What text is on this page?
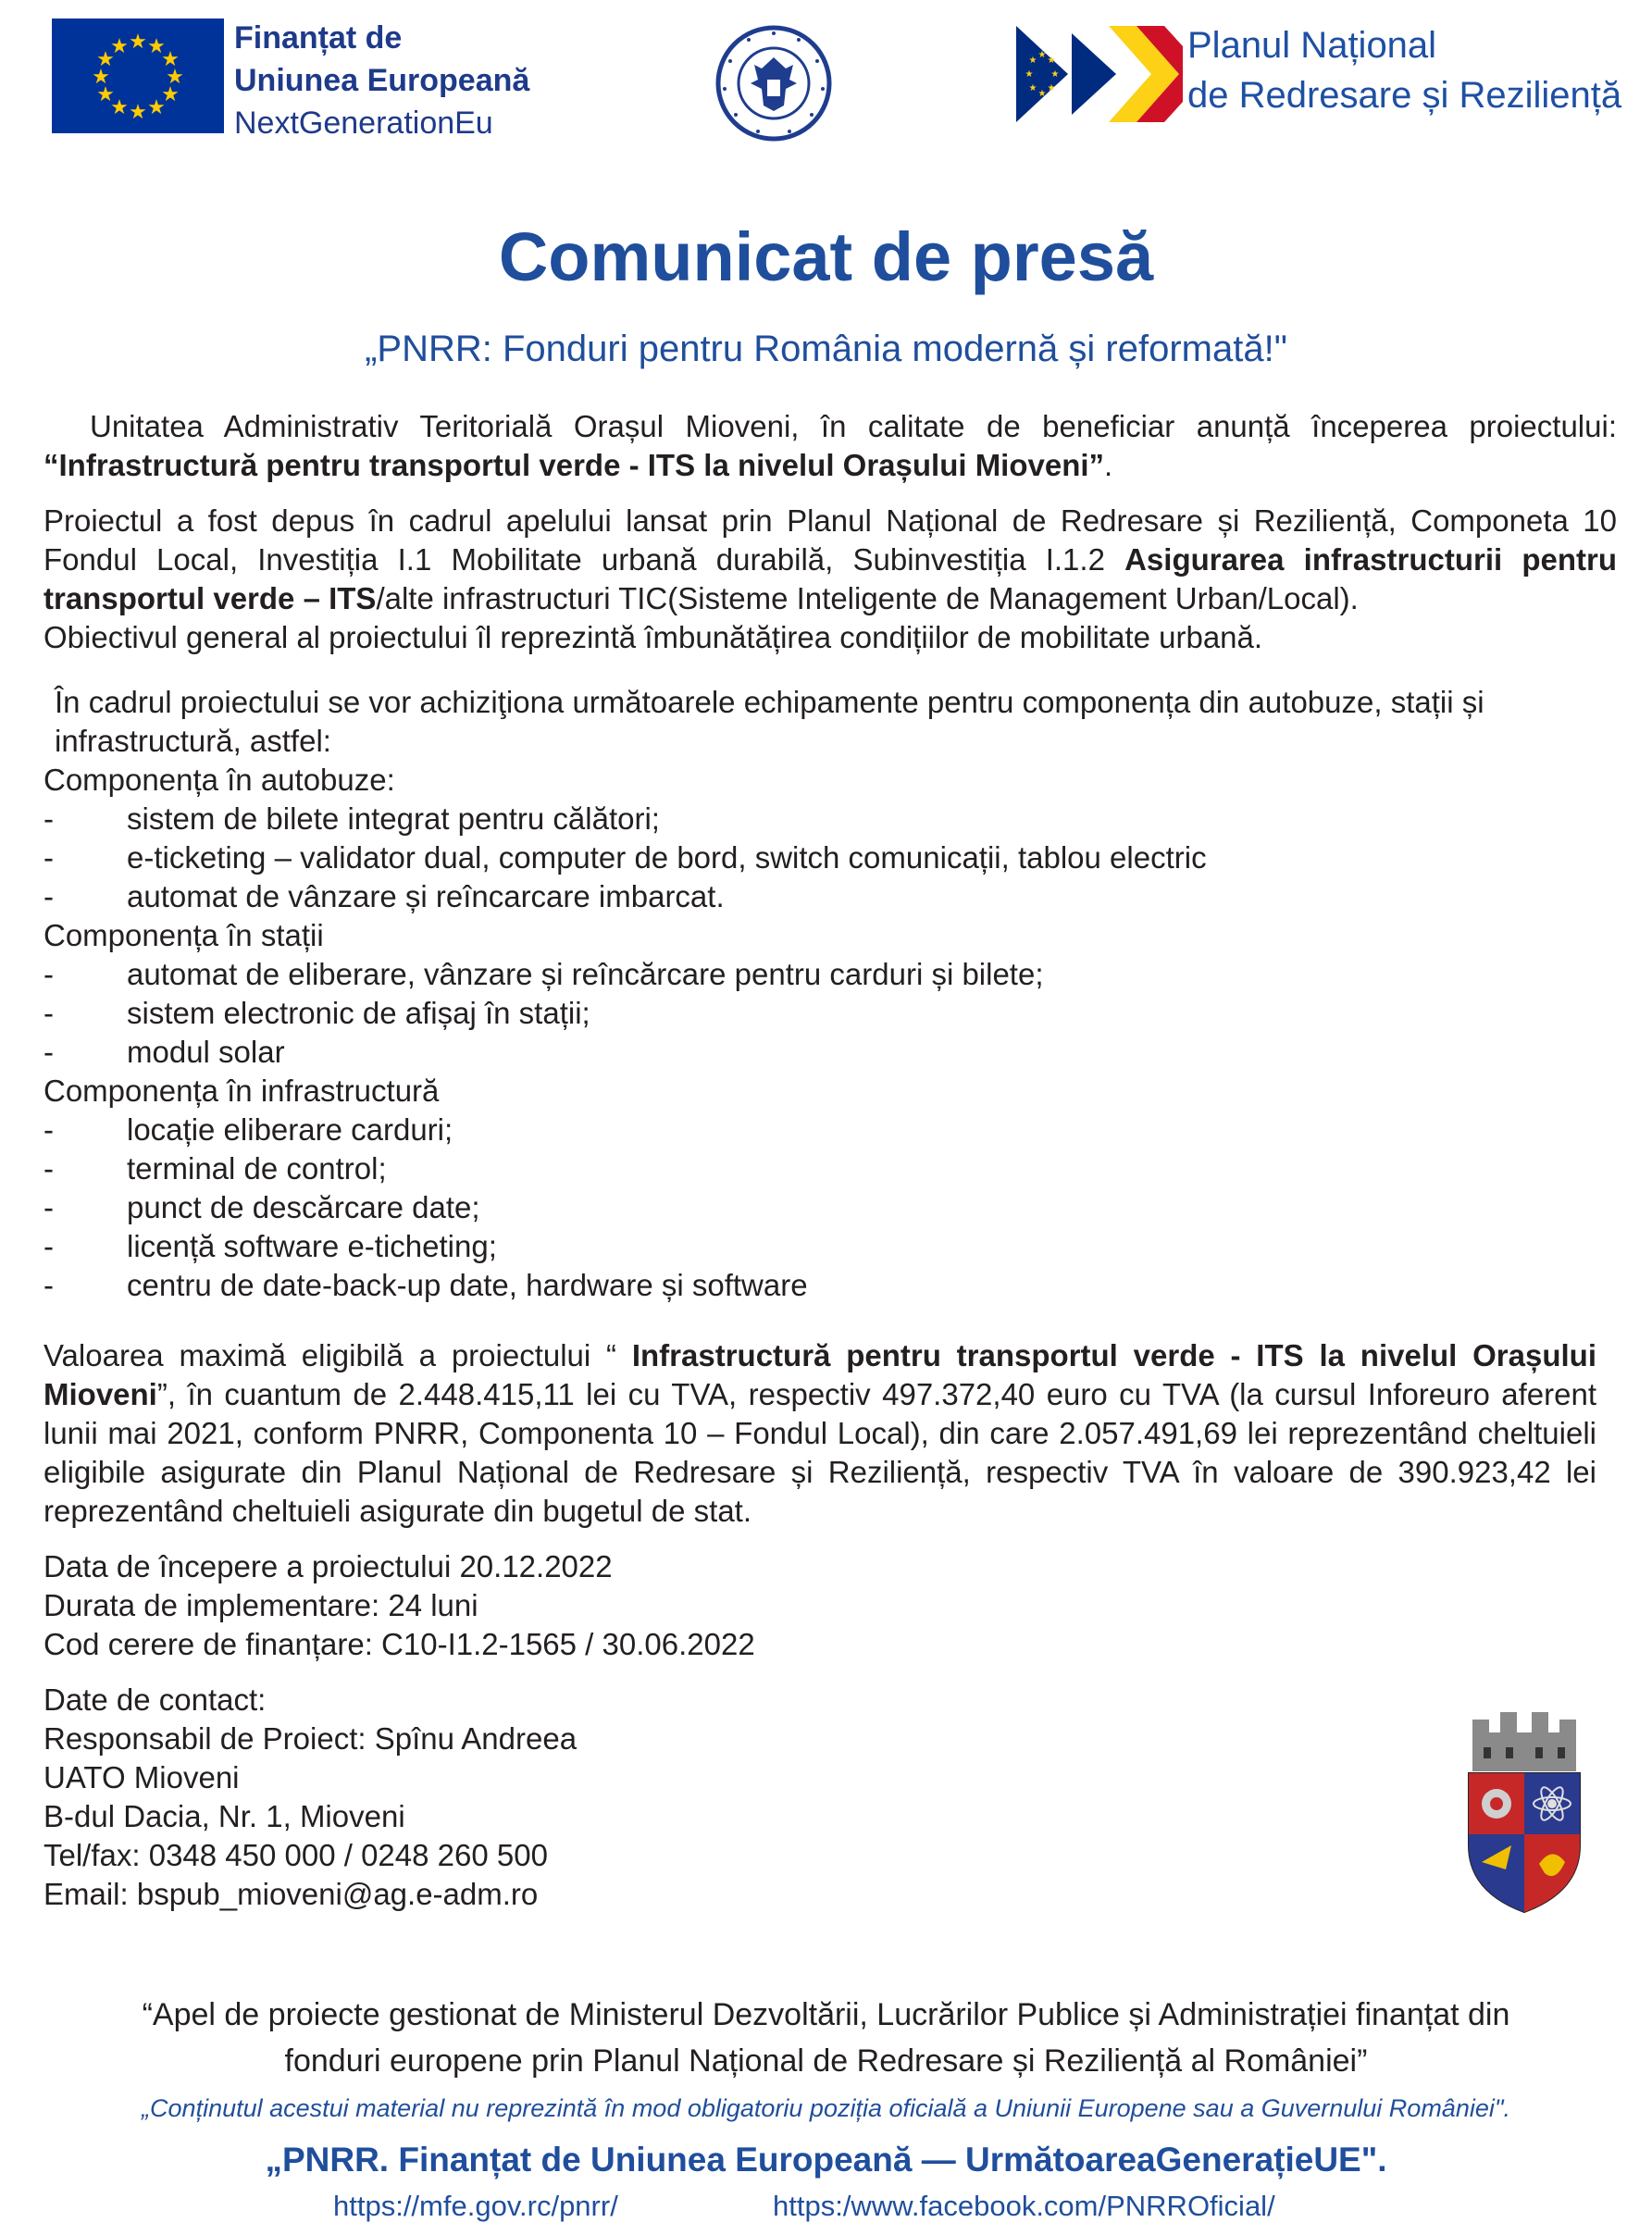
★ ★
★
★
★
★
★
★
★
★
★
★	Finanțat de
Uniunea Europeană
NextGenerationEu
★
★
★
★
★
★
★
★	Planul Național
de Redresare și Reziliență
Comunicat de presă

„PNRR: Fonduri pentru România modernă și reformată!"

Unitatea Administrativ Teritorială Orașul Mioveni, în calitate de beneficiar anunță începerea proiectului: “Infrastructură pentru transportul verde - ITS la nivelul Orașului Mioveni”.

Proiectul a fost depus în cadrul apelului lansat prin Planul Național de Redresare și Reziliență, Componeta 10 Fondul Local, Investiția I.1 Mobilitate urbană durabilă, Subinvestiția I.1.2 Asigurarea infrastructurii pentru transportul verde – ITS/alte infrastructuri TIC(Sisteme Inteligente de Management Urban/Local).

Obiectivul general al proiectului îl reprezintă îmbunătățirea condițiilor de mobilitate urbană.

În cadrul proiectului se vor achiziţiona următoarele echipamente pentru componența din autobuze, stații și infrastructură, astfel:

Componența în autobuze:

-	sistem de bilete integrat pentru călători;
-	e-ticketing – validator dual, computer de bord, switch comunicații, tablou electric
-	automat de vânzare și reîncarcare imbarcat.

Componența în stații

-	automat de eliberare, vânzare și reîncărcare pentru carduri și bilete;
-	sistem electronic de afișaj în stații;
-	modul solar

Componența în infrastructură

-	locație eliberare carduri;
-	terminal de control;
-	punct de descărcare date;
-	licență software e-ticheting;
-	centru de date-back-up date, hardware și software

Valoarea maximă eligibilă a proiectului “ Infrastructură pentru transportul verde - ITS la nivelul Orașului Mioveni”, în cuantum de 2.448.415,11 lei cu TVA, respectiv 497.372,40 euro cu TVA (la cursul Inforeuro aferent lunii mai 2021, conform PNRR, Componenta 10 – Fondul Local), din care 2.057.491,69 lei reprezentând cheltuieli eligibile asigurate din Planul Național de Redresare și Reziliență, respectiv TVA în valoare de 390.923,42 lei reprezentând cheltuieli asigurate din bugetul de stat.

Data de începere a proiectului 20.12.2022

Durata de implementare: 24 luni

Cod cerere de finanțare: C10-I1.2-1565 / 30.06.2022

Date de contact:

Responsabil de Proiect: Spînu Andreea

UATO Mioveni

B-dul Dacia, Nr. 1, Mioveni

Tel/fax: 0348 450 000 / 0248 260 500

Email: bspub_mioveni@ag.e-adm.ro

“Apel de proiecte gestionat de Ministerul Dezvoltării, Lucrărilor Publice și Administrației finanțat din
fonduri europene prin Planul Național de Redresare și Reziliență al României”
„Conținutul acestui material nu reprezintă în mod obligatoriu poziția oficială a Uniunii Europene sau a Guvernului României".
„PNRR. Finanțat de Uniunea Europeană — UrmătoareaGenerațieUE".
https://mfe.gov.rc/pnrr/	https:/www.facebook.com/PNRROficial/
